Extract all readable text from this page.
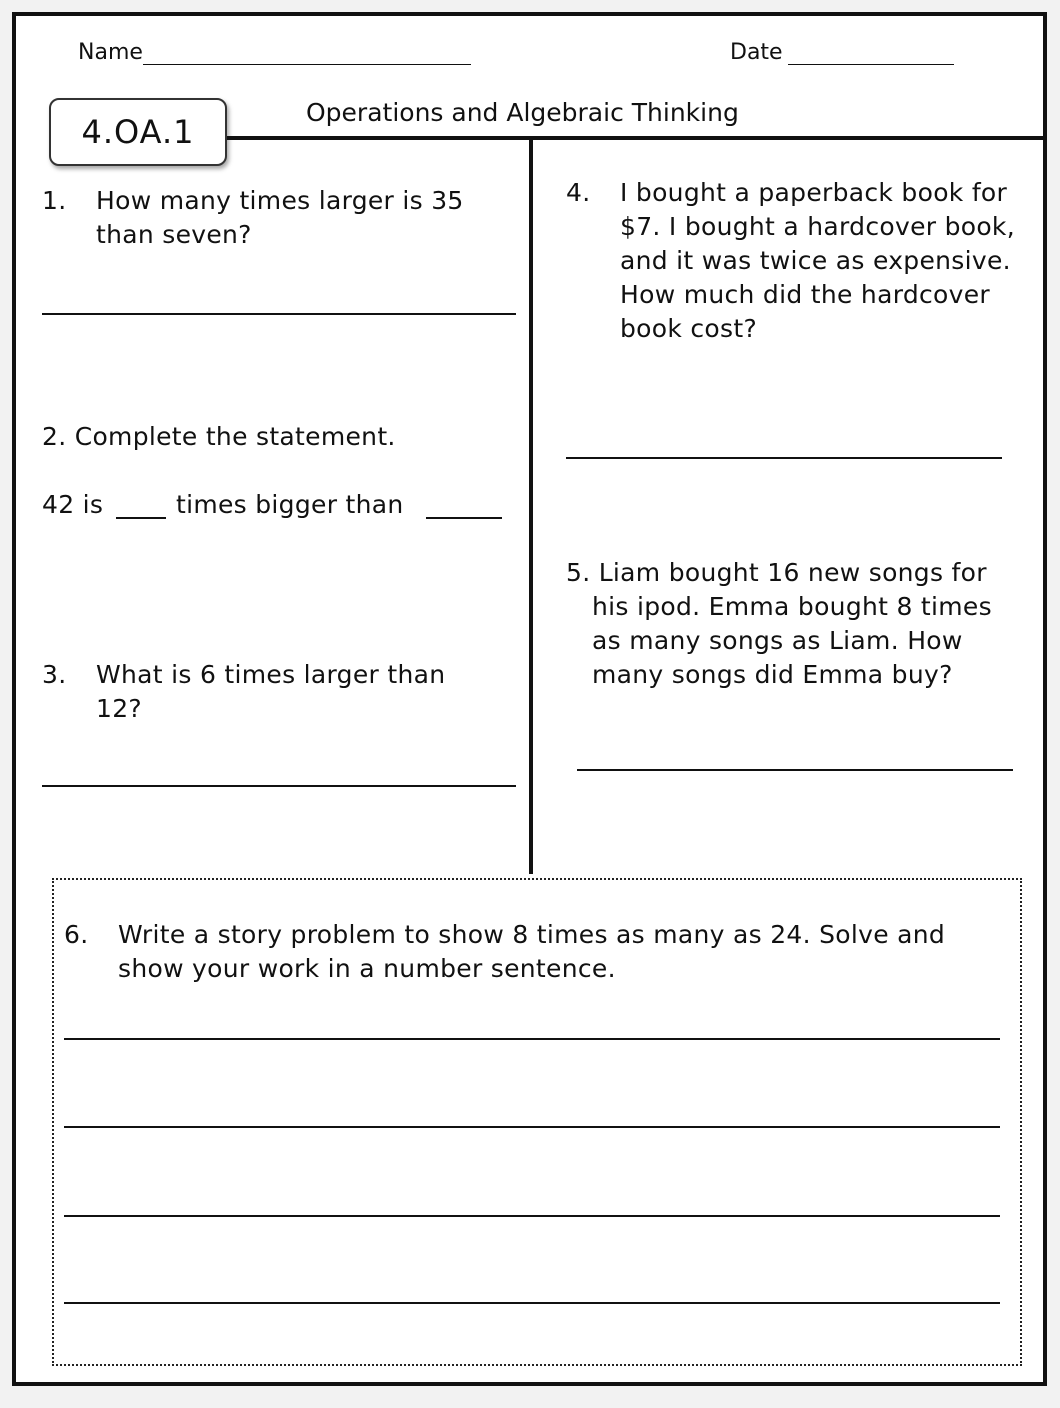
Name	Date
4.OA.1
Operations and Algebraic Thinking
1. How many times larger is 35 than seven?
2. Complete the statement.
42 is	times bigger than
3. What is 6 times larger than 12?
4. I bought a paperback book for $7. I bought a hardcover book, and it was twice as expensive. How much did the hardcover book cost?
5. Liam bought 16 new songs for his ipod. Emma bought 8 times as many songs as Liam. How many songs did Emma buy?
6. Write a story problem to show 8 times as many as 24. Solve and show your work in a number sentence.
